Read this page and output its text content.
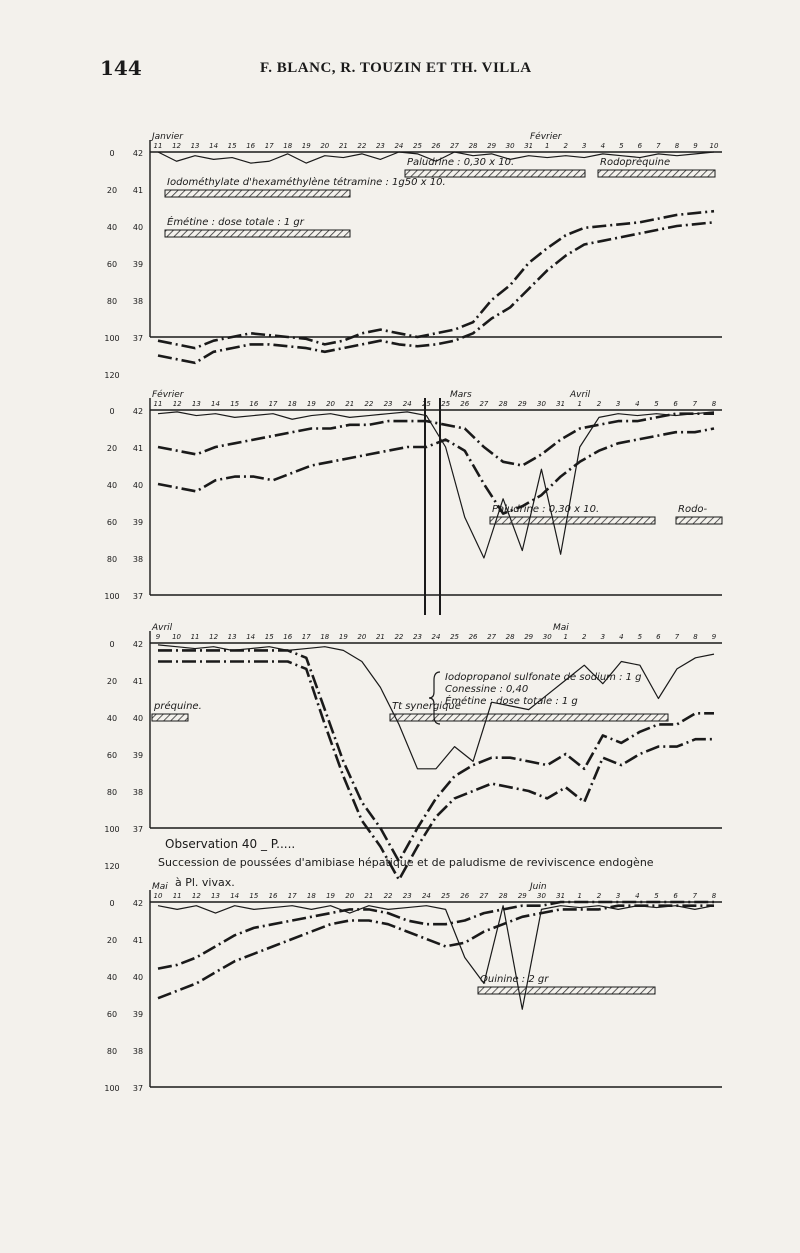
144	F. BLANC, R. TOUZIN ET TH. VILLA
0
20
40
60
80
100
120
42
41
40
39
38
37
Janvier	Février
11 12 13 14 15 16 17 18 19 20 21 22 23 24 25 26 27 28 29 30 31 1 2 3 4 5 6 7 8 9 10
Paludrine : 0,30 x 10.	Rodopréquine
Iodométhylate d'hexaméthylène tétramine : 1g50 x 10.
Émétine : dose totale : 1 gr
0
20
40
60
80
100
42
41
40
39
38
37
Février	Mars	Avril
11 12 13 14 15 16 17 18 19 20 21 22 23 24 25 25 26 27 28 29 30 31 1 2 3 4 5 6 7 8
Paludrine : 0,30 x 10.	Rodo-
0
20
40
60
80
100
120
42
41
40
39
38
37
Avril	Mai
9 10 11 12 13 14 15 16 17 18 19 20 21 22 23 24 25 26 27 28 29 30 1 2 3 4 5 6 7 8 9
préquine.	Tt synergique
Iodopropanol sulfonate de sodium : 1 g
Conessine : 0,40
Émétine : dose totale : 1 g
0
20
40
60
80
100
42
41
40
39
38
37
Mai	Juin
10 11 12 13 14 15 16 17 18 19 20 21 22 23 24 25 26 27 28 29 30 31 1 2 3 4 5 6 7 8
Quinine : 2 gr
Observation 40 _ P.....
Succession de poussées d'amibiase hépatique et de paludisme de reviviscence endogène
à Pl. vivax.
